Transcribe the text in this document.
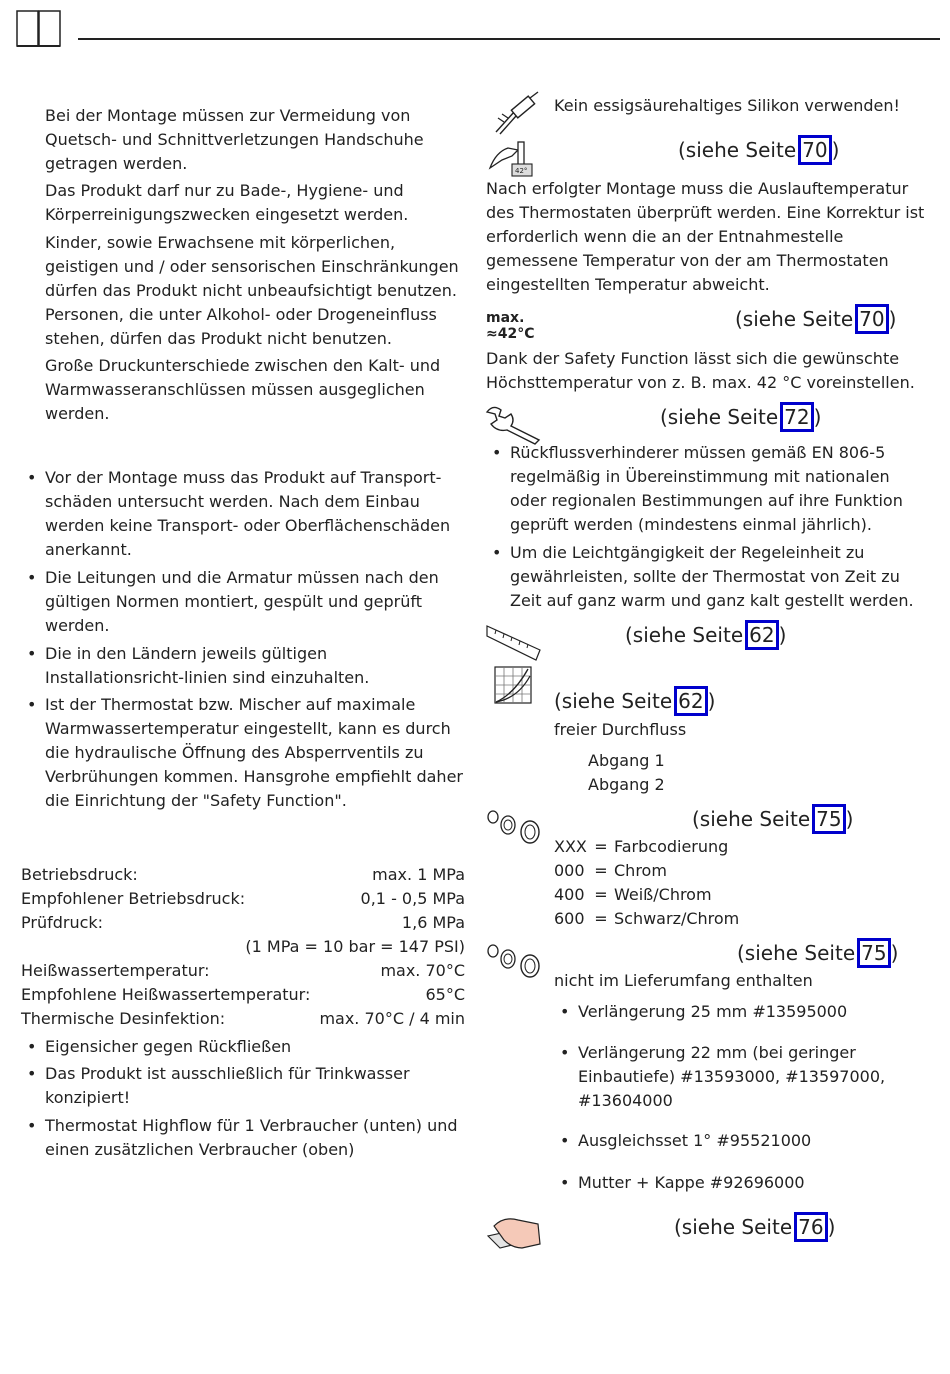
Bei der Montage müssen zur Vermeidung von Quetsch- und Schnittverletzungen Handschuhe getragen werden.
Das Produkt darf nur zu Bade-, Hygiene- und Körperreinigungszwecken eingesetzt werden.
Kinder, sowie Erwachsene mit körperlichen, geistigen und / oder sensorischen Einschränkungen dürfen das Produkt nicht unbeaufsichtigt benutzen. Personen, die unter Alkohol- oder Drogeneinfluss stehen, dürfen das Produkt nicht benutzen.
Große Druckunterschiede zwischen den Kalt- und Warmwasseranschlüssen müssen ausgeglichen werden.
• Vor der Montage muss das Produkt auf Transport-schäden untersucht werden. Nach dem Einbau werden keine Transport- oder Oberflächenschäden anerkannt.
• Die Leitungen und die Armatur müssen nach den gültigen Normen montiert, gespült und geprüft werden.
• Die in den Ländern jeweils gültigen Installationsricht-linien sind einzuhalten.
• Ist der Thermostat bzw. Mischer auf maximale Warmwassertemperatur eingestellt, kann es durch die hydraulische Öffnung des Absperrventils zu Verbrühungen kommen. Hansgrohe empfiehlt daher die Einrichtung der "Safety Function".
Betriebsdruck:	max. 1 MPa
Empfohlener Betriebsdruck:	0,1 - 0,5 MPa
Prüfdruck:	1,6 MPa
(1 MPa = 10 bar = 147 PSI)
Heißwassertemperatur:	max. 70°C
Empfohlene Heißwassertemperatur:	65°C
Thermische Desinfektion:	max. 70°C / 4 min
• Eigensicher gegen Rückfließen
• Das Produkt ist ausschließlich für Trinkwasser konzipiert!
• Thermostat Highflow für 1 Verbraucher (unten) und einen zusätzlichen Verbraucher (oben)
Kein essigsäurehaltiges Silikon verwenden!
42°
(siehe Seite 70 )
Nach erfolgter Montage muss die Auslauftemperatur des Thermostaten überprüft werden. Eine Korrektur ist erforderlich wenn die an der Entnahmestelle gemessene Temperatur von der am Thermostaten eingestellten Temperatur abweicht.
max.
≈42°C
(siehe Seite 70 )
Dank der Safety Function lässt sich die gewünschte Höchsttemperatur von z. B. max. 42 °C voreinstellen.
(siehe Seite 72 )
• Rückflussverhinderer müssen gemäß EN 806-5 regelmäßig in Übereinstimmung mit nationalen oder regionalen Bestimmungen auf ihre Funktion geprüft werden (mindestens einmal jährlich).
• Um die Leichtgängigkeit der Regeleinheit zu gewährleisten, sollte der Thermostat von Zeit zu Zeit auf ganz warm und ganz kalt gestellt werden.
(siehe Seite 62 )
(siehe Seite 62 )
freier Durchfluss
Abgang 1
Abgang 2
(siehe Seite 75 )
XXX = Farbcodierung
000 = Chrom
400 = Weiß/Chrom
600 = Schwarz/Chrom
(siehe Seite 75 )
nicht im Lieferumfang enthalten
• Verlängerung 25 mm #13595000
• Verlängerung 22 mm (bei geringer Einbautiefe) #13593000, #13597000, #13604000
• Ausgleichsset 1° #95521000
• Mutter + Kappe #92696000
(siehe Seite 76 )
